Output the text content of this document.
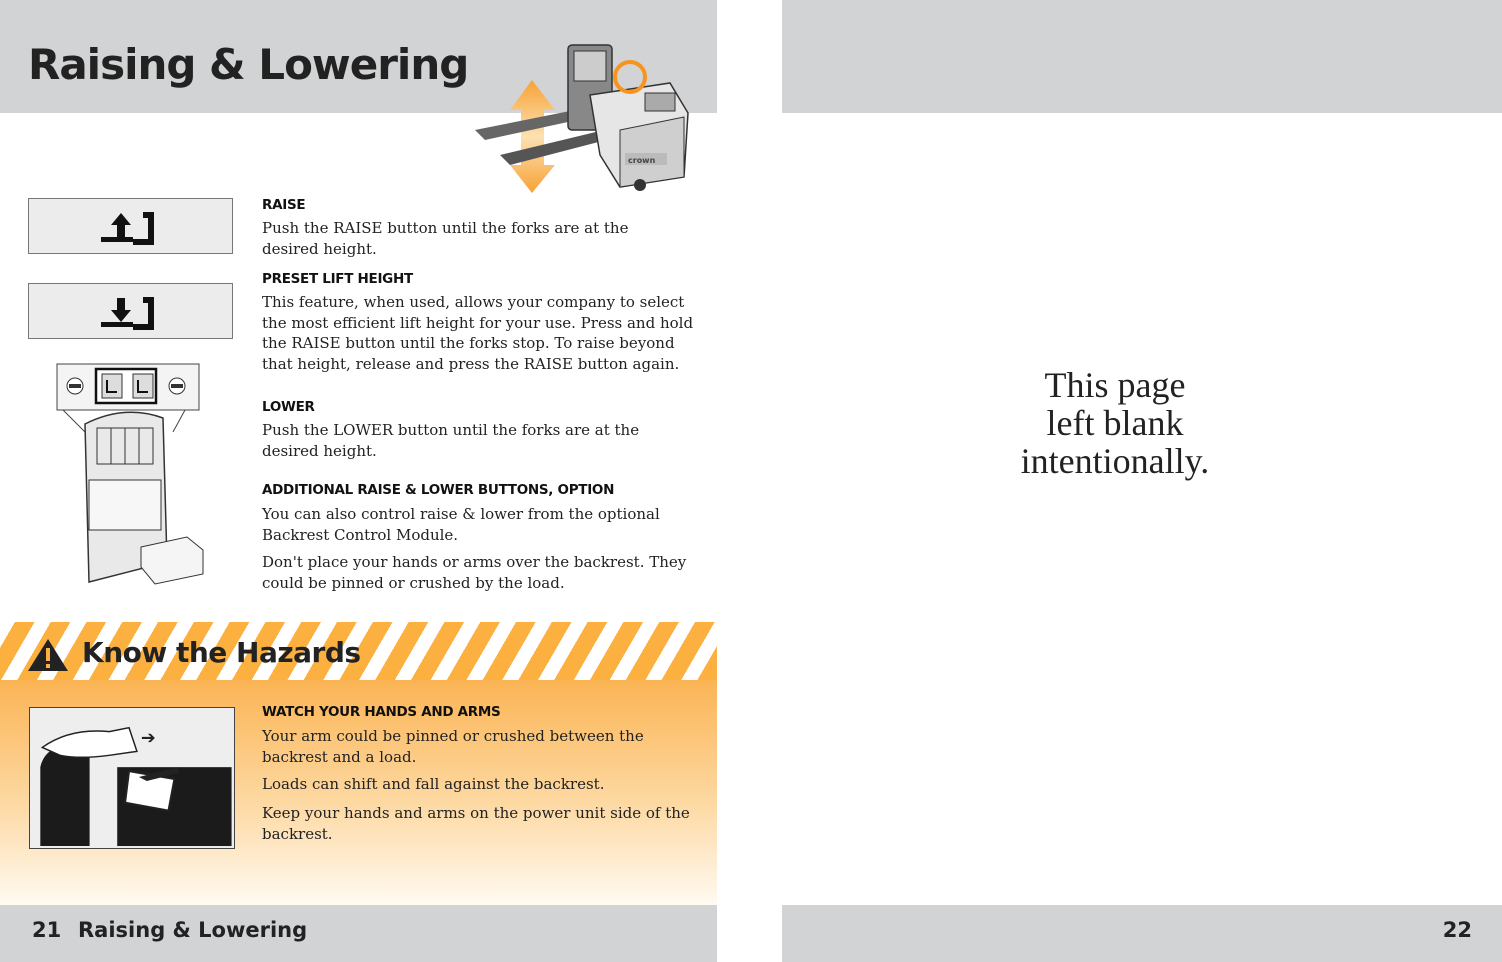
Raising & Lowering
crown
RAISE
Push the RAISE button until the forks are at the
desired height.
PRESET LIFT HEIGHT
This feature, when used, allows your company to select
the most efficient lift height for your use. Press and hold
the RAISE button until the forks stop. To raise beyond
that height, release and press the RAISE button again.
LOWER
Push the LOWER button until the forks are at the
desired height.
ADDITIONAL RAISE & LOWER BUTTONS, OPTION
You can also control raise & lower from the optional
Backrest Control Module.
Don't place your hands or arms over the backrest. They
could be pinned or crushed by the load.
Know the Hazards
➔
WATCH YOUR HANDS AND ARMS
Your arm could be pinned or crushed between the
backrest and a load.
Loads can shift and fall against the backrest.
Keep your hands and arms on the power unit side of the
backrest.
21 Raising & Lowering
This page
left blank
intentionally.
22
